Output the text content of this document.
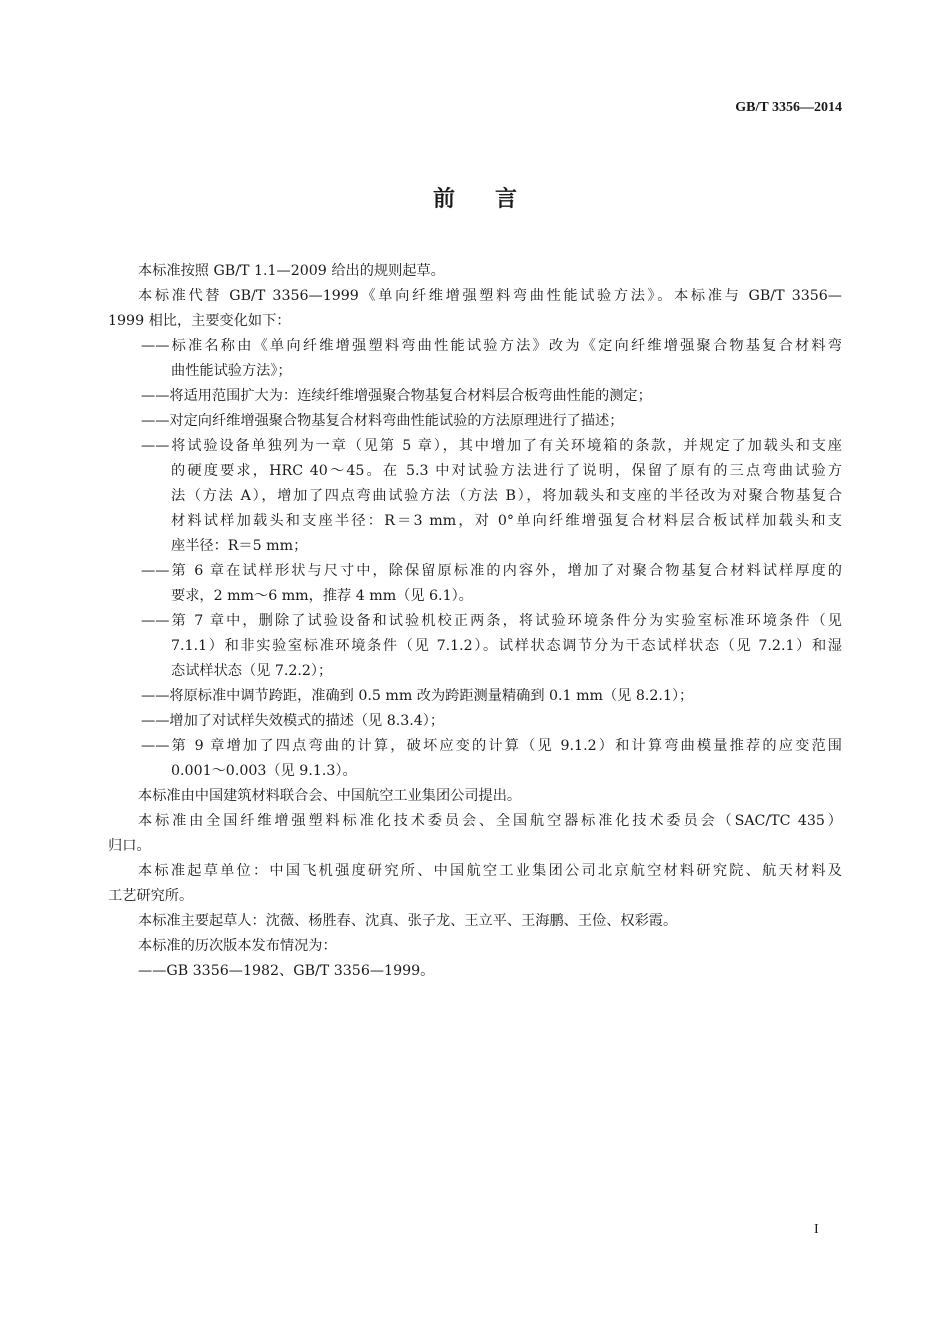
GB/T 3356—2014
前言
本标准按照 GB/T 1.1—2009 给出的规则起草。
本标准代替 GB/T 3356—1999《单向纤维增强塑料弯曲性能试验方法》。本标准与 GB/T 3356—
1999 相比，主要变化如下：
——标准名称由《单向纤维增强塑料弯曲性能试验方法》改为《定向纤维增强聚合物基复合材料弯
曲性能试验方法》；
——将适用范围扩大为：连续纤维增强聚合物基复合材料层合板弯曲性能的测定；
——对定向纤维增强聚合物基复合材料弯曲性能试验的方法原理进行了描述；
——将试验设备单独列为一章（见第 5 章），其中增加了有关环境箱的条款，并规定了加载头和支座
的硬度要求，HRC 40～45。在 5.3 中对试验方法进行了说明，保留了原有的三点弯曲试验方
法（方法 A），增加了四点弯曲试验方法（方法 B），将加载头和支座的半径改为对聚合物基复合
材料试样加载头和支座半径：R＝3 mm，对 0°单向纤维增强复合材料层合板试样加载头和支
座半径：R＝5 mm；
——第 6 章在试样形状与尺寸中，除保留原标准的内容外，增加了对聚合物基复合材料试样厚度的
要求，2 mm～6 mm，推荐 4 mm（见 6.1）。
——第 7 章中，删除了试验设备和试验机校正两条，将试验环境条件分为实验室标准环境条件（见
7.1.1）和非实验室标准环境条件（见 7.1.2）。试样状态调节分为干态试样状态（见 7.2.1）和湿
态试样状态（见 7.2.2）；
——将原标准中调节跨距，准确到 0.5 mm 改为跨距测量精确到 0.1 mm（见 8.2.1）；
——增加了对试样失效模式的描述（见 8.3.4）；
——第 9 章增加了四点弯曲的计算，破坏应变的计算（见 9.1.2）和计算弯曲模量推荐的应变范围
0.001～0.003（见 9.1.3）。
本标准由中国建筑材料联合会、中国航空工业集团公司提出。
本标准由全国纤维增强塑料标准化技术委员会、全国航空器标准化技术委员会（SAC/TC 435）
归口。
本标准起草单位：中国飞机强度研究所、中国航空工业集团公司北京航空材料研究院、航天材料及
工艺研究所。
本标准主要起草人：沈薇、杨胜春、沈真、张子龙、王立平、王海鹏、王俭、权彩霞。
本标准的历次版本发布情况为：
——GB 3356—1982、GB/T 3356—1999。
I
